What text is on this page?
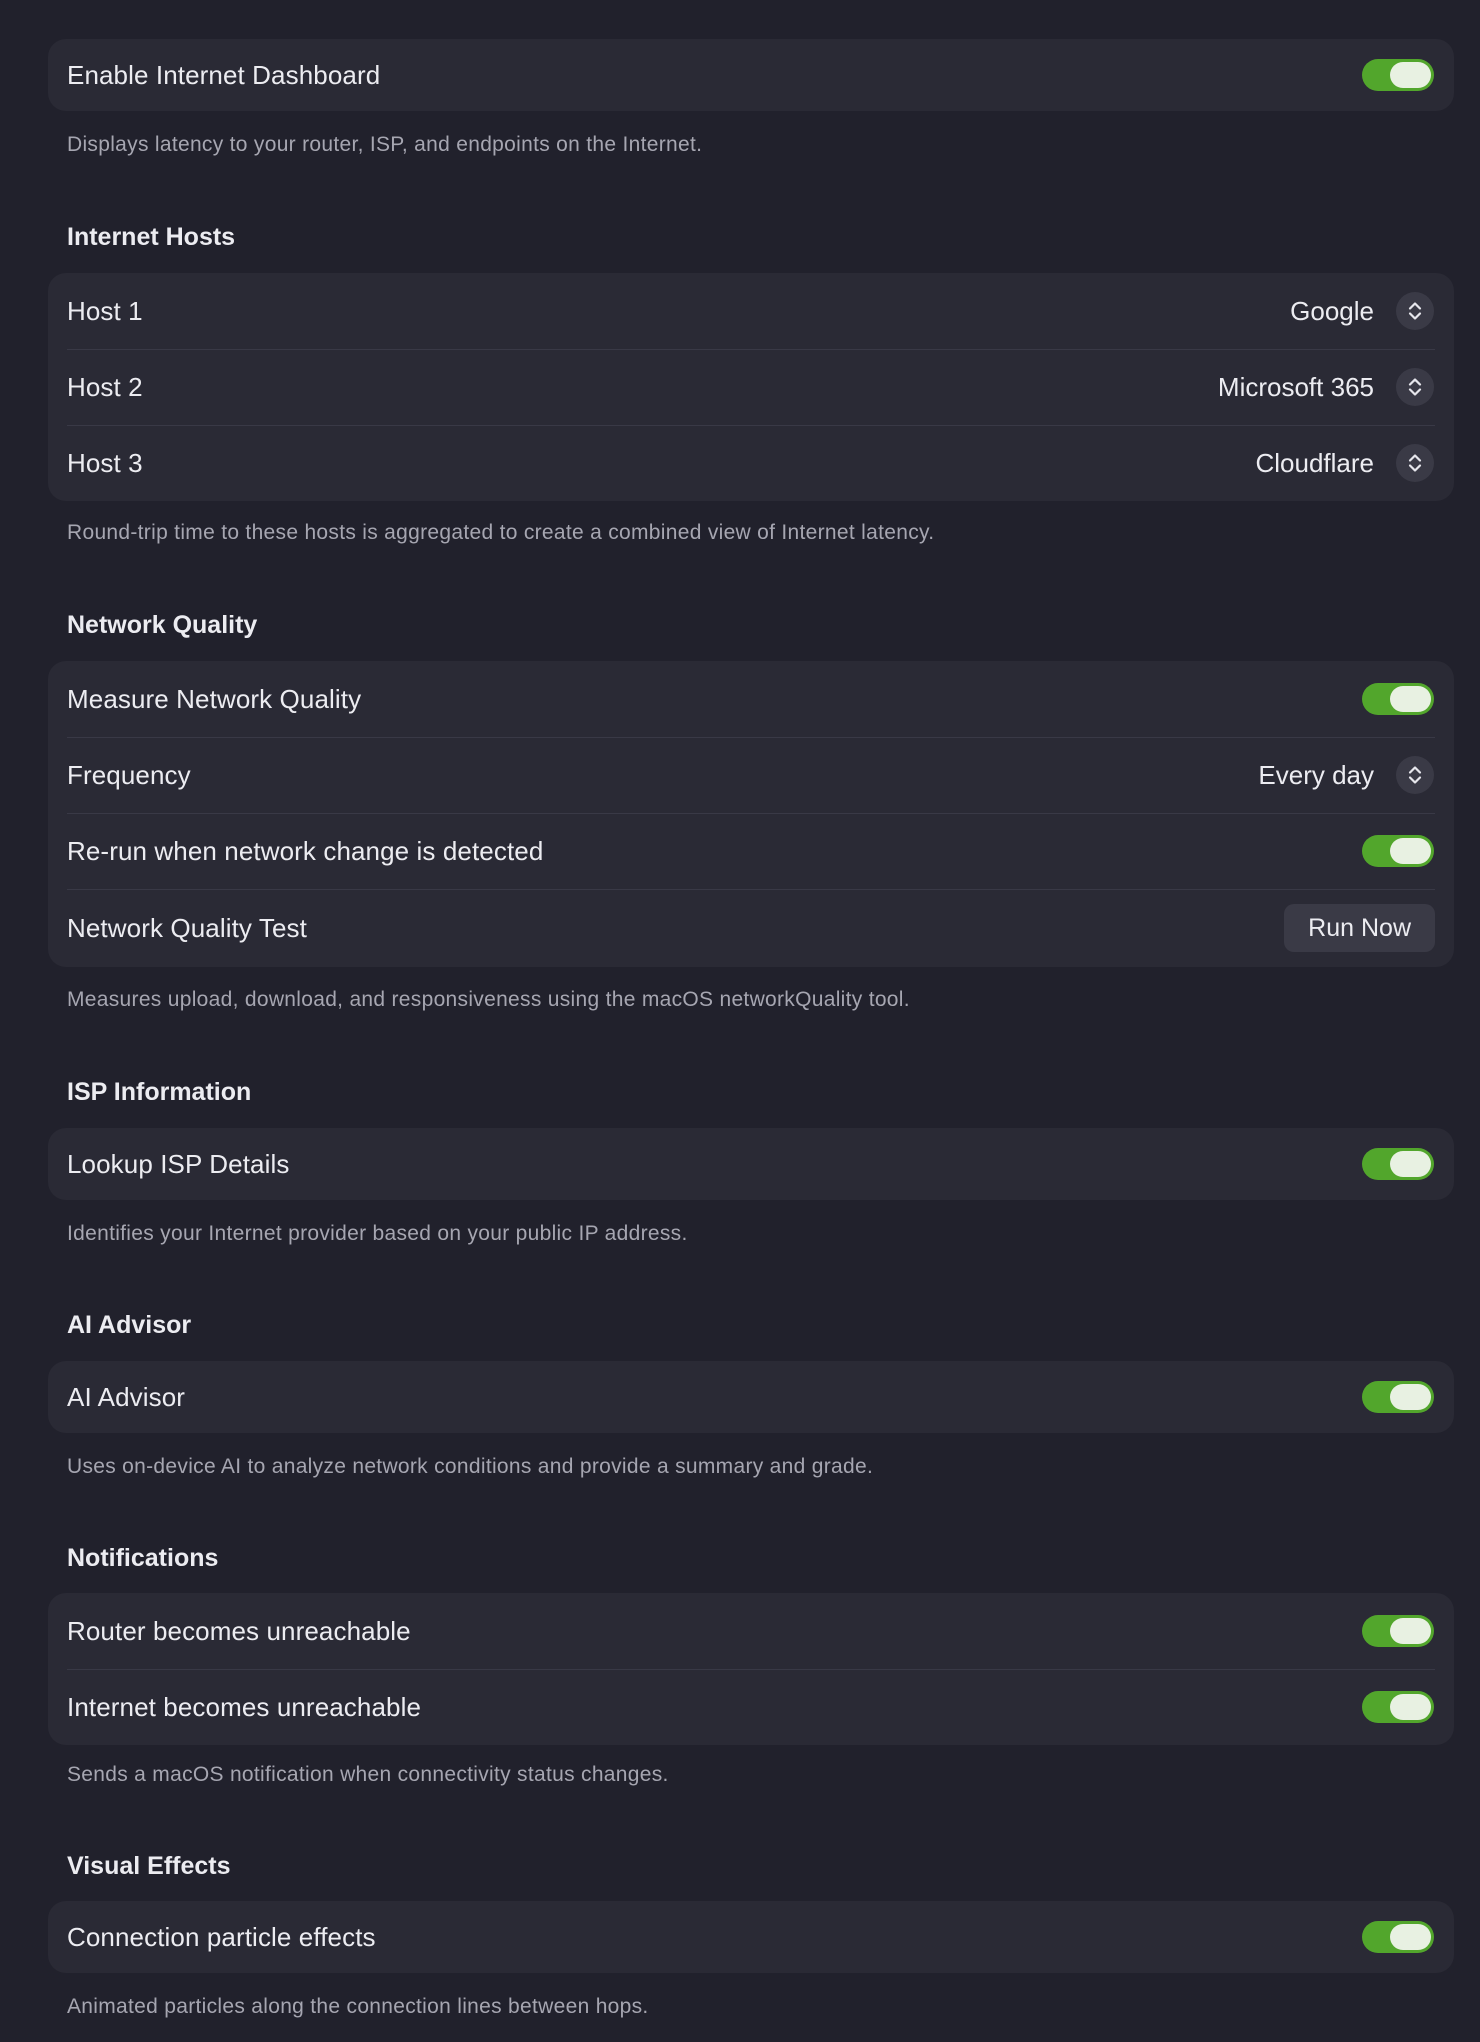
Enable Internet Dashboard
Displays latency to your router, ISP, and endpoints on the Internet.
Internet Hosts
Host 1	Google
Host 2	Microsoft 365
Host 3	Cloudflare
Round-trip time to these hosts is aggregated to create a combined view of Internet latency.
Network Quality
Measure Network Quality
Frequency	Every day
Re-run when network change is detected
Network Quality Test	Run Now
Measures upload, download, and responsiveness using the macOS networkQuality tool.
ISP Information
Lookup ISP Details
Identifies your Internet provider based on your public IP address.
AI Advisor
AI Advisor
Uses on-device AI to analyze network conditions and provide a summary and grade.
Notifications
Router becomes unreachable
Internet becomes unreachable
Sends a macOS notification when connectivity status changes.
Visual Effects
Connection particle effects
Animated particles along the connection lines between hops.
